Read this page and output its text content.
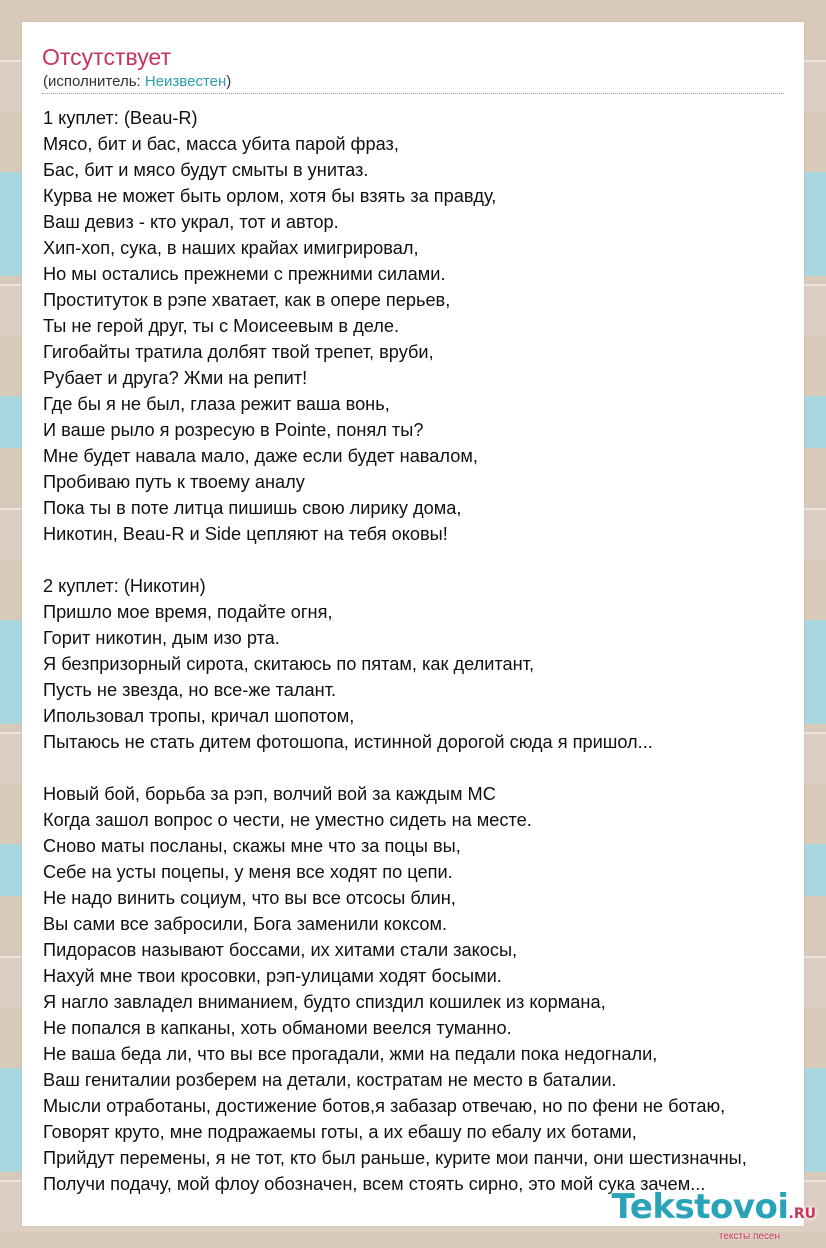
Отсутствует
(исполнитель: Неизвестен)
1 куплет: (Beau-R)
Мясо, бит и бас, масса убита парой фраз,
Бас, бит и мясо будут смыты в унитаз.
Курва не может быть орлом, хотя бы взять за правду,
Ваш девиз - кто украл, тот и автор.
Хип-хоп, сука, в наших крайах имигрировал,
Но мы остались прежнеми с прежними силами.
Проституток в рэпе хватает, как в опере перьев,
Ты не герой друг, ты с Моисеевым в деле.
Гигобайты тратила долбят твой трепет, вруби,
Рубает и друга? Жми на репит!
Где бы я не был, глаза режит ваша вонь,
И ваше рыло я розресую в Pointe, понял ты?
Мне будет навала мало, даже если будет навалом,
Пробиваю путь к твоему аналу
Пока ты в поте литца пишишь свою лирику дома,
Никотин, Beau-R и Side цепляют на тебя оковы!
2 куплет: (Никотин)
Пришло мое время, подайте огня,
Горит никотин, дым изо рта.
Я безпризорный сирота, скитаюсь по пятам, как делитант,
Пусть не звезда, но все-же талант.
Ипользовал тропы, кричал шопотом,
Пытаюсь не стать дитем фотошопа, истинной дорогой сюда я пришол...
Новый бой, борьба за рэп, волчий вой за каждым МС
Когда зашол вопрос о чести, не уместно сидеть на месте.
Сново маты посланы, скажы мне что за поцы вы,
Себе на усты поцепы, у меня все ходят по цепи.
Не надо винить социум, что вы все отсосы блин,
Вы сами все забросили, Бога заменили коксом.
Пидорасов называют боссами, их хитами стали закосы,
Нахуй мне твои кросовки, рэп-улицами ходят босыми.
Я нагло завладел вниманием, будто спиздил кошилек из кормана,
Не попался в капканы, хоть обманоми веелся туманно.
Не ваша беда ли, что вы все прогадали, жми на педали пока недогнали,
Ваш гениталии розберем на детали, костратам не место в баталии.
Мысли отработаны, достижение ботов,я забазар отвечаю, но по фени не ботаю,
Говорят круто, мне подражаемы готы, а их ебашу по ебалу их ботами,
Прийдут перемены, я не тот, кто был раньше, курите мои панчи, они шестизначны,
Получи подачу, мой флоу обозначен, всем стоять сирно, это мой сука зачем...
Tekstovoi.RU
тексты песен
